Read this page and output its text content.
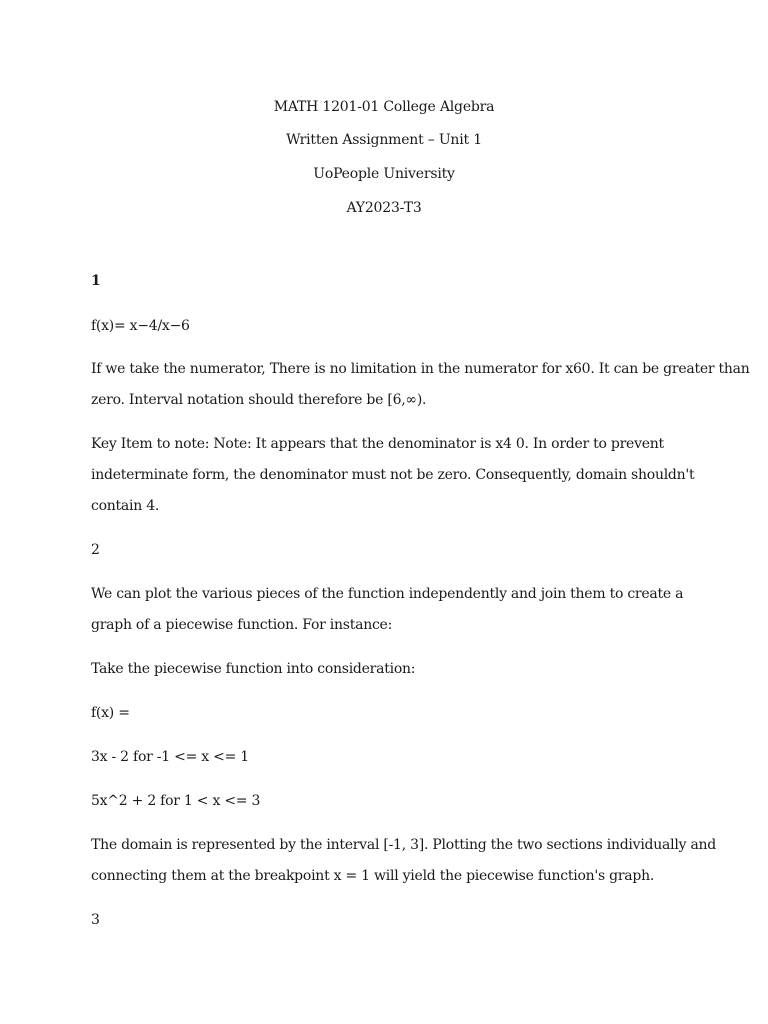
MATH 1201-01 College Algebra
Written Assignment – Unit 1
UoPeople University
AY2023-T3
1
f(x)= x−4/x−6
If we take the numerator, There is no limitation in the numerator for x60. It can be greater than
zero. Interval notation should therefore be [6,∞).
Key Item to note: Note: It appears that the denominator is x4 0. In order to prevent
indeterminate form, the denominator must not be zero. Consequently, domain shouldn't
contain 4.
2
We can plot the various pieces of the function independently and join them to create a
graph of a piecewise function. For instance:
Take the piecewise function into consideration:
f(x) =
3x - 2 for -1 <= x <= 1
5x^2 + 2 for 1 < x <= 3
The domain is represented by the interval [-1, 3]. Plotting the two sections individually and
connecting them at the breakpoint x = 1 will yield the piecewise function's graph.
3
